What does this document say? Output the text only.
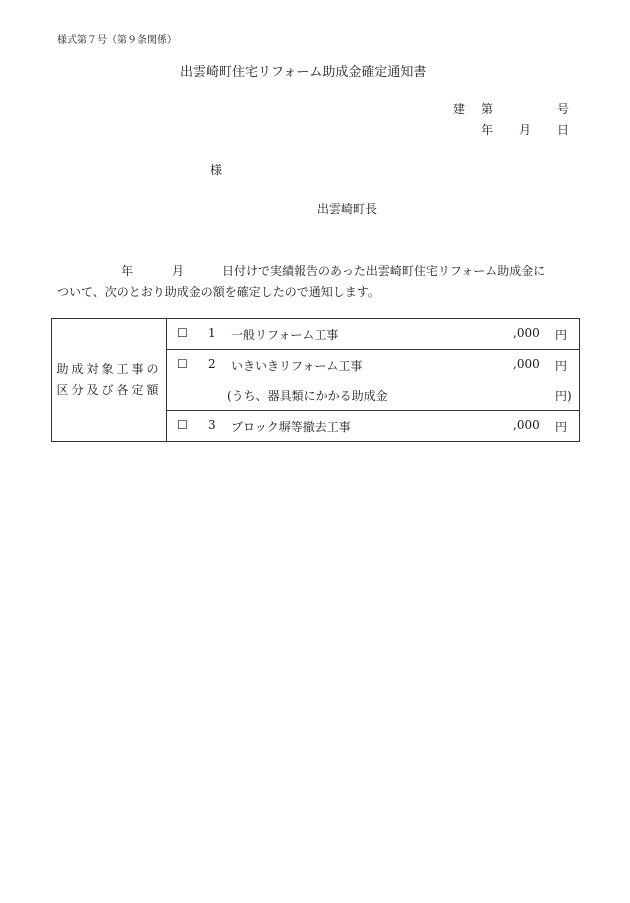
様式第７号（第９条関係）
出雲崎町住宅リフォーム助成金確定通知書
建 第	号
年 月 日
様
出雲崎町長
年	月	日付けで実績報告のあった出雲崎町住宅リフォーム助成金に
ついて、次のとおり助成金の額を確定したので通知します。
助成対象工事の
区分及び各定額

☐ 1 一般リフォーム工事	,000 円
☐ 2 いきいきリフォーム工事	,000 円
(うち、器具類にかかる助成金	円)
☐ 3 ブロック塀等撤去工事	,000 円
